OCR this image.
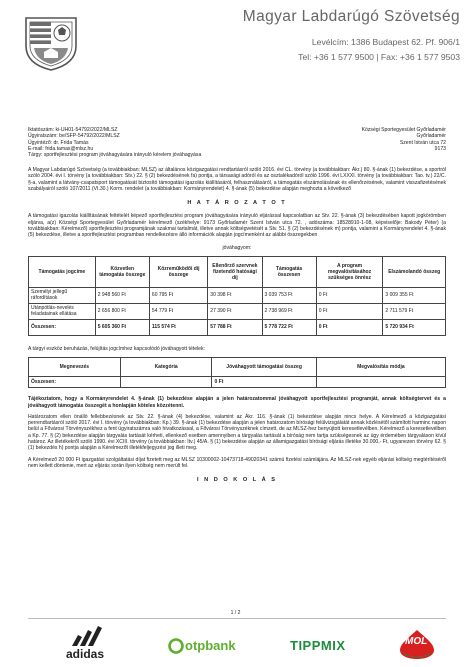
Magyar Labdarúgó Szövetség
Levélcím: 1386 Budapest 62. Pf. 906/1
Tel: +36 1 577 9500 | Fax: +36 1 577 9503
Iktatószám: ki-UH01-54792/2022/MLSZ
Ügyiratszám: be/SFP-54792/2022/MLSZ
Ügyintéző: dr. Frida Tamás
E-mail: frida.tamas@mlsz.hu
Tárgy: sportfejlesztési program jóváhagyására irányuló kérelem jóváhagyása
Községi Sportegyesület Győrladamér
Győrladamér
Szent István utca 72
9173

A Magyar Labdarúgó Szövetség (a továbbiakban: MLSZ) az általános közigazgatási rendtartásról szóló 2016. évi CL. törvény (a továbbiakban: Ákr.) 80. §-ának (1) bekezdése, a sportról szóló 2004. évi I. törvény (a továbbiakban: Stv.) 22. § (2) bekezdésének fa) pontja, a társasági adóról és az osztalékadóról szóló 1996. évi LXXXI. törvény (a továbbiakban: Tao. tv.) 22/C. §-a, valamint a látvány-csapatsport támogatását biztosító támogatási igazolás kiállításáról, felhasználásáról, a támogatás elszámolásának és ellenőrzésének, valamint visszafizetésének szabályairól szóló 107/2011 (VI.30.) Korm. rendelet (a továbbiakban: Kormányrendelet) 4. §-ának (5) bekezdése alapján meghozta a következő

H A T Á R O Z A T O T

A támogatási igazolás kiállításának feltételét képező sportfejlesztési program jóváhagyására irányuló eljárással kapcsolatban az Stv. 22. §-ának (3) bekezdésében kapott jogkörömben eljárva, a(z) Községi Sportegyesület Győrladamér kérelmező (székhelye: 9173 Győrladamér Szent István utca 72. , adószáma: 18528910-1-08, képviselője: Bakody Péter) (a továbbiakban: Kérelmező) sportfejlesztési programjának szakmai tartalmát, illetve annak költségvetését a Stv. 51. § (2) bekezdésének m) pontja, valamint a Kormányrendelet 4. §-ának (5) bekezdése, illetve a sportfejlesztési programban rendelkezésre álló információk alapján jogcímenként az alábbi összegekben

jóváhagyom:
Támogatás jogcíme	Közvetlen támogatás összege	Közreműködői díj összege	Ellenőrző szervnek fizetendő hatósági díj	Támogatás összesen	A program megvalósításához szükséges önrész	Elszámolandó összeg
Személyi jellegű ráfordítások	2 948 560 Ft	60 795 Ft	30 398 Ft	3 039 753 Ft	0 Ft	3 009 355 Ft
Utánpótlás-nevelés feladatainak ellátása	2 656 800 Ft	54 779 Ft	27 390 Ft	2 738 969 Ft	0 Ft	2 711 579 Ft
Összesen:	5 605 360 Ft	115 574 Ft	57 788 Ft	5 778 722 Ft	0 Ft	5 720 934 Ft

A tárgyi eszköz beruházás, felújítás jogcímhez kapcsolódó jóváhagyott tételek:

Megnevezés	Kategória	Jóváhagyott támogatási összeg	Megvalósítás módja
Összesen:		0 Ft	

Tájékoztatom, hogy a Kormányrendelet 4. §-ának (1) bekezdése alapján a jelen határozatommal jóváhagyott sportfejlesztési programját, annak költségtervet és a jóváhagyott támogatás összegét a honlapján köteles közzétenni.

Határozatom ellen önálló fellebbezésnek az Stv. 22. §-ának (4) bekezdése, valamint az Ákr. 116. §-ának (1) bekezdése alapján nincs helye. A Kérelmező a közigazgatási perrendtartásról szóló 2017. évi I. törvény (a továbbiakban: Kp.) 39. §-ának (1) bekezdése alapján a jelen határozatom bírósági felülvizsgálatát annak közlésétől számított harminc napon belül a Fővárosi Törvényszékhez a fent ügyiratszámra való hivatkozással, a Fővárosi Törvényszéknek címzett, de az MLSZ-hez benyújtott keresetlevélben. Kérelmező a keresetlevélben a Kp. 77. § (2) bekezdése alapján tárgyalás tartását kérheti, ellenkező esetben amennyiben a tárgyalás tartását a bíróság nem tartja szükségesnek az ügy érdemében tárgyaláson kívül határoz. Az illetékekről szóló 1990. évi XCIII. törvény (a továbbiakban: Itv.) 45/A. § (1) bekezdése alapján az államigazgatási bírósági eljárás illetéke 30.000,- Ft, ugyanezen törvény 62. § (1) bekezdés h) pontja alapján a Kérelmezőt illetékfeljegyzési jog illeti meg.

A Kérelmező 20 000 Ft igazgatási szolgáltatási díjat fizetett meg az MLSZ 10300002-10473718-49020341 számú fizetési számlájára. Az MLSZ-nek egyéb eljárási költség megtérítéséről nem kellett döntenie, mert az eljárás során ilyen költség nem merült fel.

I N D O K O L Á S
1 / 2
adidas
otpbank	TIPPMIX	MOL
